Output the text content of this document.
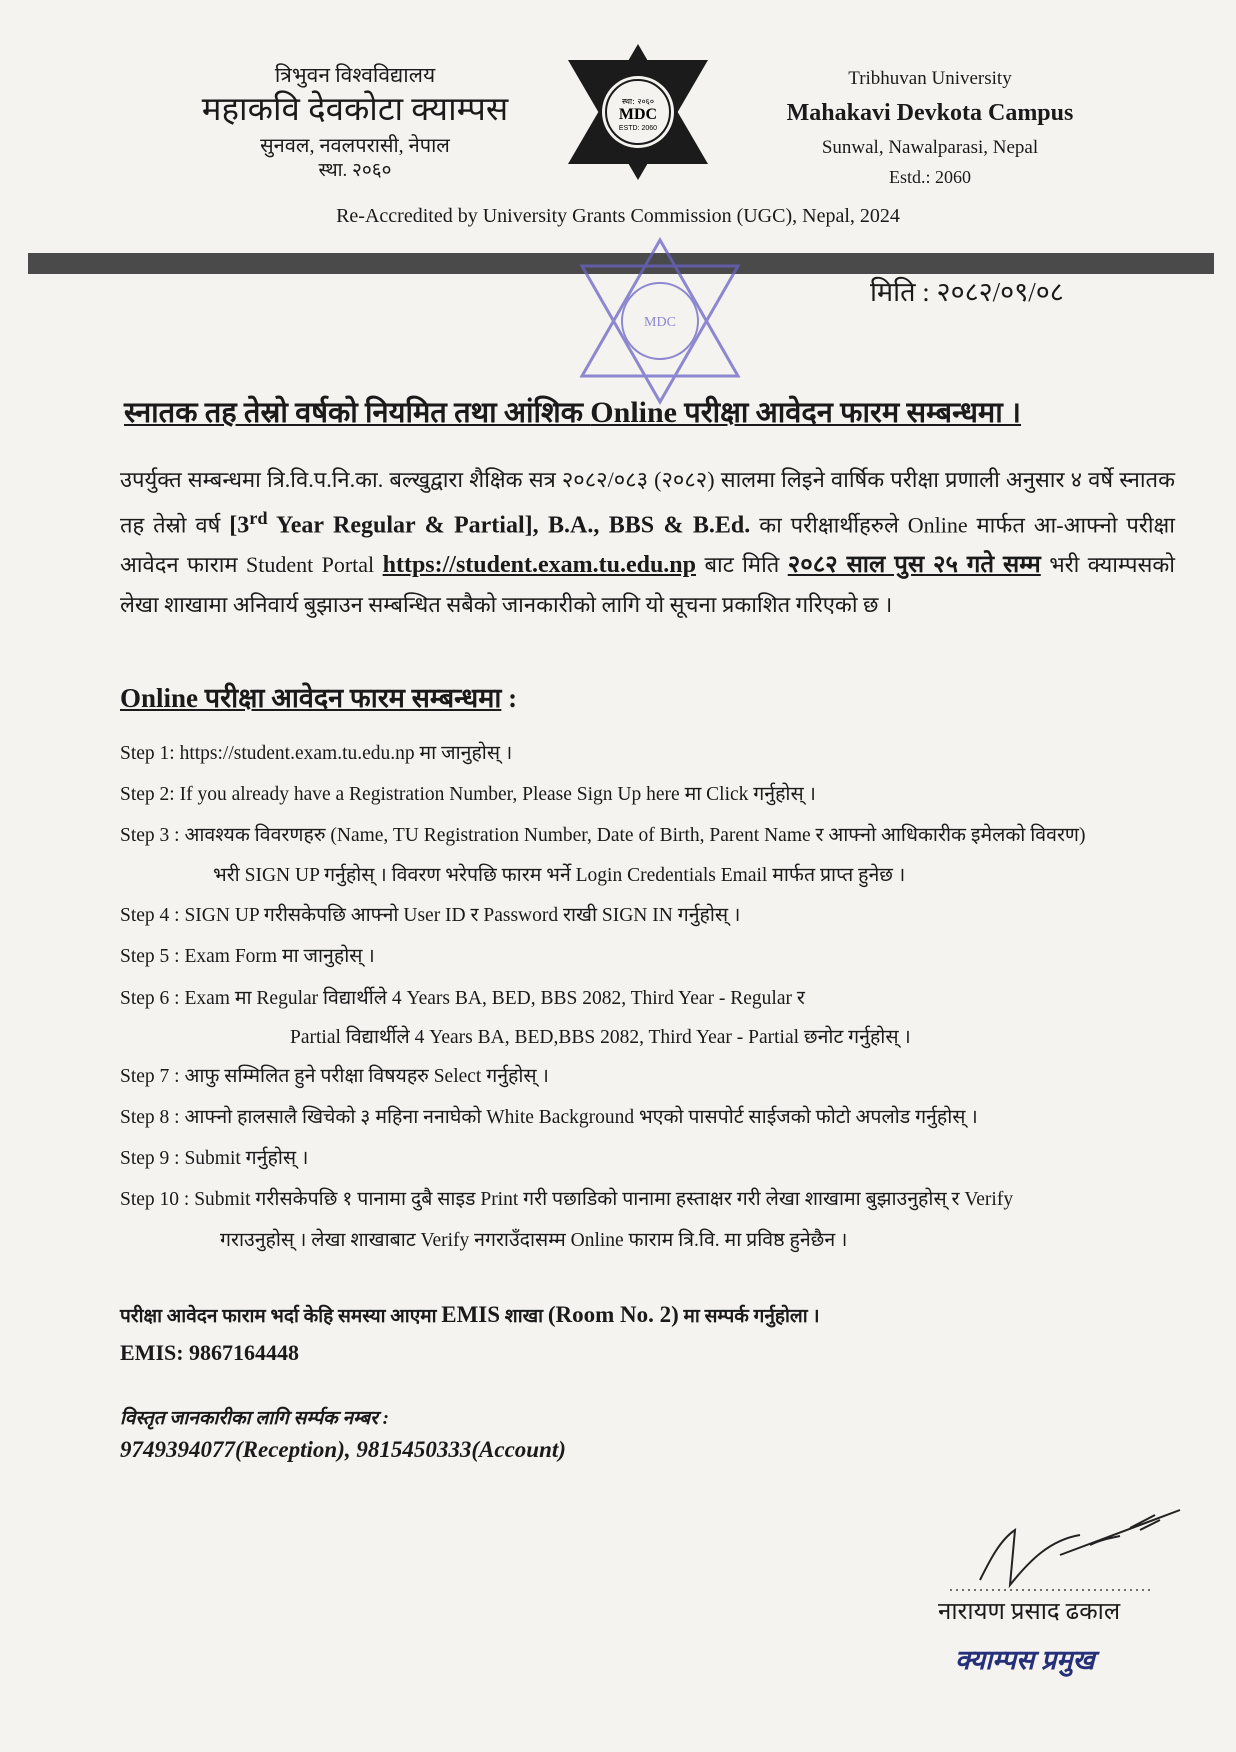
त्रिभुवन विश्वविद्यालय
महाकवि देवकोटा क्याम्पस
सुनवल, नवलपरासी, नेपाल
स्था. २०६०
स्था: २०६०
MDC
ESTD: 2060
Tribhuvan University
Mahakavi Devkota Campus
Sunwal, Nawalparasi, Nepal
Estd.: 2060
Re-Accredited by University Grants Commission (UGC), Nepal, 2024
MDC
मिति : २०८२/०९/०८
स्नातक तह तेस्रो वर्षको नियमित तथा आंशिक Online परीक्षा आवेदन फारम सम्बन्धमा ।
उपर्युक्त सम्बन्धमा त्रि.वि.प.नि.का. बल्खुद्वारा शैक्षिक सत्र २०८२/०८३ (२०८२) सालमा लिइने वार्षिक परीक्षा प्रणाली अनुसार ४ वर्षे स्नातक तह तेस्रो वर्ष [3rd Year Regular & Partial], B.A., BBS & B.Ed. का परीक्षार्थीहरुले Online मार्फत आ-आफ्नो परीक्षा आवेदन फाराम Student Portal https://student.exam.tu.edu.np बाट मिति २०८२ साल पुस २५ गते सम्म भरी क्याम्पसको लेखा शाखामा अनिवार्य बुझाउन सम्बन्धित सबैको जानकारीको लागि यो सूचना प्रकाशित गरिएको छ ।
Online परीक्षा आवेदन फारम सम्बन्धमा :
Step 1: https://student.exam.tu.edu.np मा जानुहोस् ।
Step 2: If you already have a Registration Number, Please Sign Up here मा Click गर्नुहोस् ।
Step 3 : आवश्यक विवरणहरु (Name, TU Registration Number, Date of Birth, Parent Name र आफ्नो आधिकारीक इमेलको विवरण)
भरी SIGN UP गर्नुहोस् । विवरण भरेपछि फारम भर्ने Login Credentials Email मार्फत प्राप्त हुनेछ ।
Step 4 : SIGN UP गरीसकेपछि आफ्नो User ID र Password राखी SIGN IN गर्नुहोस् ।
Step 5 : Exam Form मा जानुहोस् ।
Step 6 : Exam मा Regular विद्यार्थीले 4 Years BA, BED, BBS 2082, Third Year - Regular र
Partial विद्यार्थीले 4 Years BA, BED,BBS 2082, Third Year - Partial छनोट गर्नुहोस् ।
Step 7 : आफु सम्मिलित हुने परीक्षा विषयहरु Select गर्नुहोस् ।
Step 8 : आफ्नो हालसालै खिचेको ३ महिना ननाघेको White Background भएको पासपोर्ट साईजको फोटो अपलोड गर्नुहोस् ।
Step 9 : Submit गर्नुहोस् ।
Step 10 : Submit गरीसकेपछि १ पानामा दुबै साइड Print गरी पछाडिको पानामा हस्ताक्षर गरी लेखा शाखामा बुझाउनुहोस् र Verify
गराउनुहोस् । लेखा शाखाबाट Verify नगराउँदासम्म Online फाराम त्रि.वि. मा प्रविष्ठ हुनेछैन ।
परीक्षा आवेदन फाराम भर्दा केहि समस्या आएमा EMIS शाखा (Room No. 2) मा सम्पर्क गर्नुहोला ।
EMIS: 9867164448
विस्तृत जानकारीका लागि सर्म्पक नम्बर :
9749394077(Reception), 9815450333(Account)
नारायण प्रसाद ढकाल
क्याम्पस प्रमुख
